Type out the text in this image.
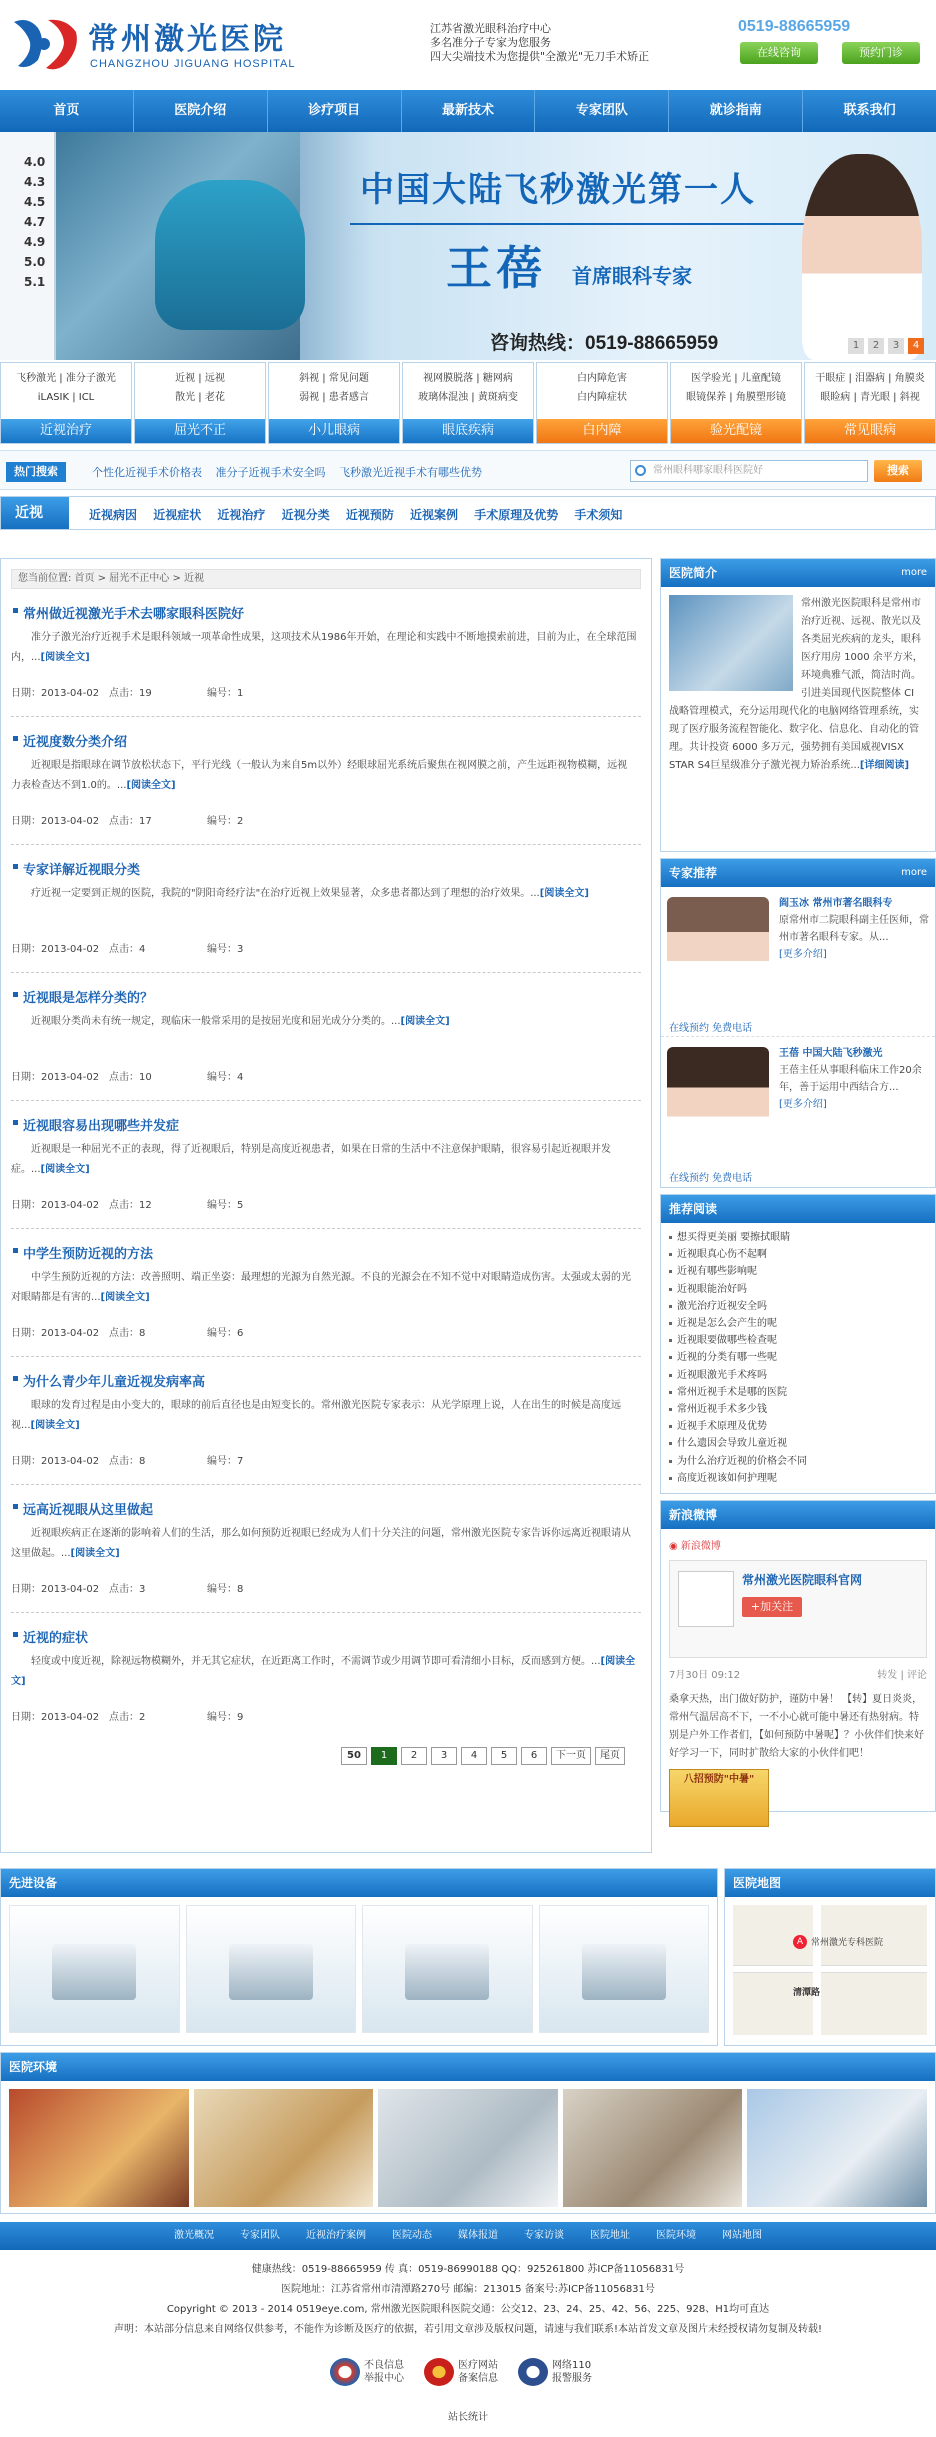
常州激光医院
CHANGZHOU JIGUANG HOSPITAL
江苏省激光眼科治疗中心
多名准分子专家为您服务
四大尖端技术为您提供"全激光"无刀手术矫正
0519-88665959
在线咨询	预约门诊
首页	医院介绍	诊疗项目	最新技术	专家团队	就诊指南	联系我们
4.0
4.3
4.5
4.7
4.9
5.0
5.1
中国大陆飞秒激光第一人
王蓓 首席眼科专家
咨询热线：0519-88665959	1	2	3	4
飞秒激光 | 准分子激光
iLASIK | ICL
近视治疗
近视 | 远视
散光 | 老花
屈光不正
斜视 | 常见问题
弱视 | 患者感言
小儿眼病
视网膜脱落 | 糖网病
玻璃体混浊 | 黄斑病变
眼底疾病
白内障危害
白内障症状
白内障
医学验光 | 儿童配镜
眼镜保养 | 角膜塑形镜
验光配镜
干眼症 | 泪器病 | 角膜炎
眼睑病 | 青光眼 | 斜视
常见眼病
热门搜索	个性化近视手术价格表 准分子近视手术安全吗 飞秒激光近视手术有哪些优势	常州眼科哪家眼科医院好	搜索
近视	近视病因 近视症状 近视治疗 近视分类 近视预防 近视案例 手术原理及优势 手术须知
您当前位置: 首页 > 屈光不正中心 > 近视
常州做近视激光手术去哪家眼科医院好
准分子激光治疗近视手术是眼科领域一项革命性成果，这项技术从1986年开始，在理论和实践中不断地摸索前进，目前为止，在全球范围内，...[阅读全文]
日期：2013-04-02 点击：19	编号：1
近视度数分类介绍
近视眼是指眼球在调节放松状态下，平行光线（一般认为来自5m以外）经眼球屈光系统后聚焦在视网膜之前，产生远距视物模糊，远视力表检查达不到1.0的。...[阅读全文]
日期：2013-04-02 点击：17	编号：2
专家详解近视眼分类
疗近视一定要到正规的医院，我院的"阴阳奇经疗法"在治疗近视上效果显著，众多患者都达到了理想的治疗效果。...[阅读全文]
日期：2013-04-02 点击：4	编号：3
近视眼是怎样分类的？
近视眼分类尚未有统一规定，现临床一般常采用的是按屈光度和屈光成分分类的。...[阅读全文]
日期：2013-04-02 点击：10	编号：4
近视眼容易出现哪些并发症
近视眼是一种屈光不正的表现，得了近视眼后，特别是高度近视患者，如果在日常的生活中不注意保护眼睛，很容易引起近视眼并发症。...[阅读全文]
日期：2013-04-02 点击：12	编号：5
中学生预防近视的方法
中学生预防近视的方法：改善照明、端正坐姿：最理想的光源为自然光源。不良的光源会在不知不觉中对眼睛造成伤害。太强或太弱的光对眼睛都是有害的...[阅读全文]
日期：2013-04-02 点击：8	编号：6
为什么青少年儿童近视发病率高
眼球的发育过程是由小变大的，眼球的前后直径也是由短变长的。常州激光医院专家表示：从光学原理上说，人在出生的时候是高度远视...[阅读全文]
日期：2013-04-02 点击：8	编号：7
远高近视眼从这里做起
近视眼疾病正在逐渐的影响着人们的生活，那么如何预防近视眼已经成为人们十分关注的问题，常州激光医院专家告诉你远离近视眼请从这里做起。...[阅读全文]
日期：2013-04-02 点击：3	编号：8
近视的症状
轻度或中度近视，除视远物模糊外，并无其它症状，在近距离工作时，不需调节或少用调节即可看清细小目标，反而感到方便。...[阅读全文]
日期：2013-04-02 点击：2	编号：9
50	1	2	3	4	5	6	下一页	尾页
医院简介	more
常州激光医院眼科是常州市治疗近视、远视、散光以及各类屈光疾病的龙头，眼科医疗用房 1000 余平方米，环境典雅气派，简洁时尚。引进美国现代医院整体 CI 战略管理模式，充分运用现代化的电脑网络管理系统，实现了医疗服务流程智能化、数字化、信息化、自动化的管理。共计投资 6000 多万元，强势拥有美国威视VISX STAR S4巨星级准分子激光视力矫治系统...[详细阅读]
专家推荐	more
阎玉冰 常州市著名眼科专
原常州市二院眼科副主任医师，常州市著名眼科专家。从...
[更多介绍]
在线预约 免费电话
王蓓 中国大陆飞秒激光
王蓓主任从事眼科临床工作20余年，善于运用中西结合方...
[更多介绍]
在线预约 免费电话
推荐阅读
想买得更美丽 要擦拭眼睛
近视眼真心伤不起啊
近视有哪些影响呢
近视眼能治好吗
激光治疗近视安全吗
近视是怎么会产生的呢
近视眼要做哪些检查呢
近视的分类有哪一些呢
近视眼激光手术疼吗
常州近视手术是哪的医院
常州近视手术多少钱
近视手术原理及优势
什么遗因会导致儿童近视
为什么治疗近视的价格会不同
高度近视该如何护理呢
新浪微博
◉ 新浪微博
常州激光医院眼科官网
+加关注
7月30日 09:12	转发 | 评论
桑拿天热，出门做好防护，谨防中暑！ 【转】夏日炎炎，常州气温居高不下，一不小心就可能中暑还有热射病。特别是户外工作者们，【如何预防中暑呢】？小伙伴们快来好好学习一下，同时扩散给大家的小伙伴们吧！
八招预防"中暑"
先进设备	医院地图
A 常州激光专科医院
清潭路
医院环境
激光概况	专家团队	近视治疗案例	医院动态	媒体报道	专家访谈	医院地址	医院环境	网站地图
健康热线：0519-88665959 传 真：0519-86990188 QQ：925261800 苏ICP备11056831号
医院地址：江苏省常州市清潭路270号 邮编：213015 备案号:苏ICP备11056831号
Copyright © 2013 - 2014 0519eye.com, 常州激光医院眼科医院交通：公交12、23、24、25、42、56、225、928、H1均可直达
声明：本站部分信息来自网络仅供参考，不能作为诊断及医疗的依据，若引用文章涉及版权问题，请速与我们联系!本站首发文章及图片未经授权请勿复制及转载!
不良信息
举报中心
医疗网站
备案信息
网络110
报警服务
站长统计
